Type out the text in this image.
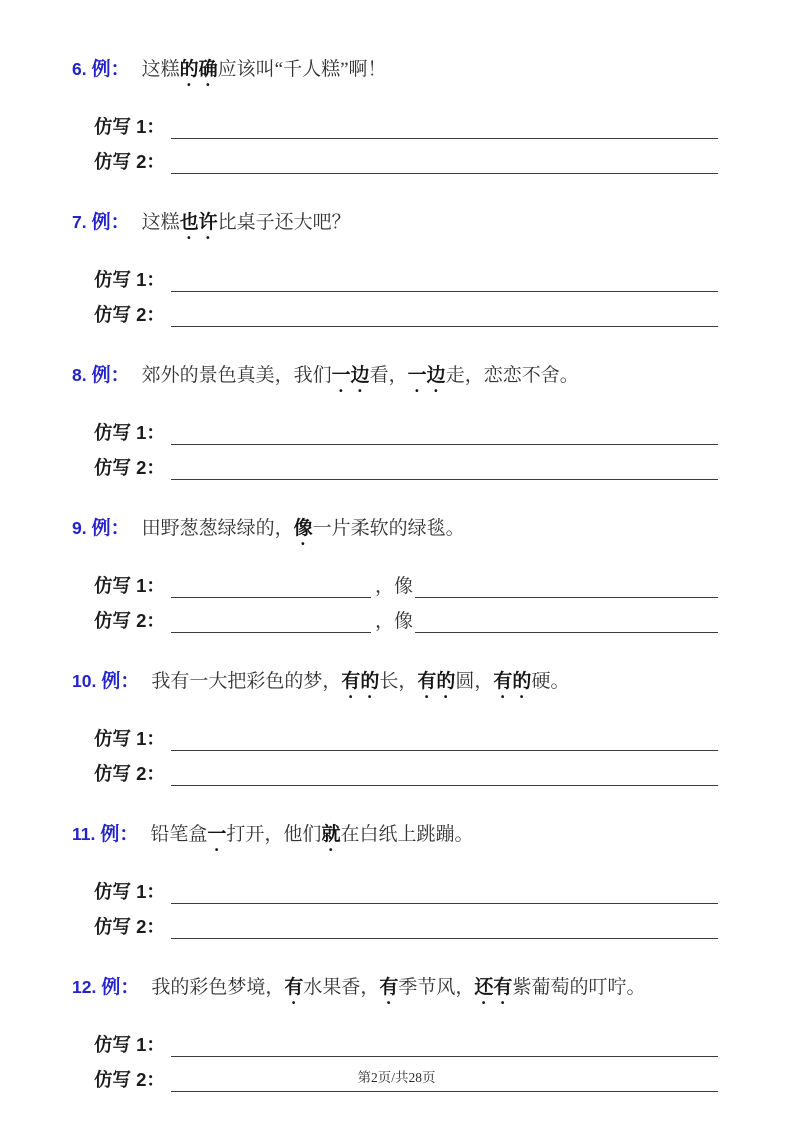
6. 例： 这糕的确应该叫“千人糕”啊！

仿写 1：
仿写 2：

7. 例： 这糕也许比桌子还大吧？

仿写 1：
仿写 2：

8. 例： 郊外的景色真美，我们一边看，一边走，恋恋不舍。

仿写 1：
仿写 2：

9. 例： 田野葱葱绿绿的，像一片柔软的绿毯。

仿写 1：	，像
仿写 2：	，像

10. 例： 我有一大把彩色的梦，有的长，有的圆，有的硬。

仿写 1：
仿写 2：

11. 例： 铅笔盒一打开，他们就在白纸上跳蹦。

仿写 1：
仿写 2：

12. 例： 我的彩色梦境，有水果香，有季节风，还有紫葡萄的叮咛。

仿写 1：
仿写 2：	第2页/共28页
